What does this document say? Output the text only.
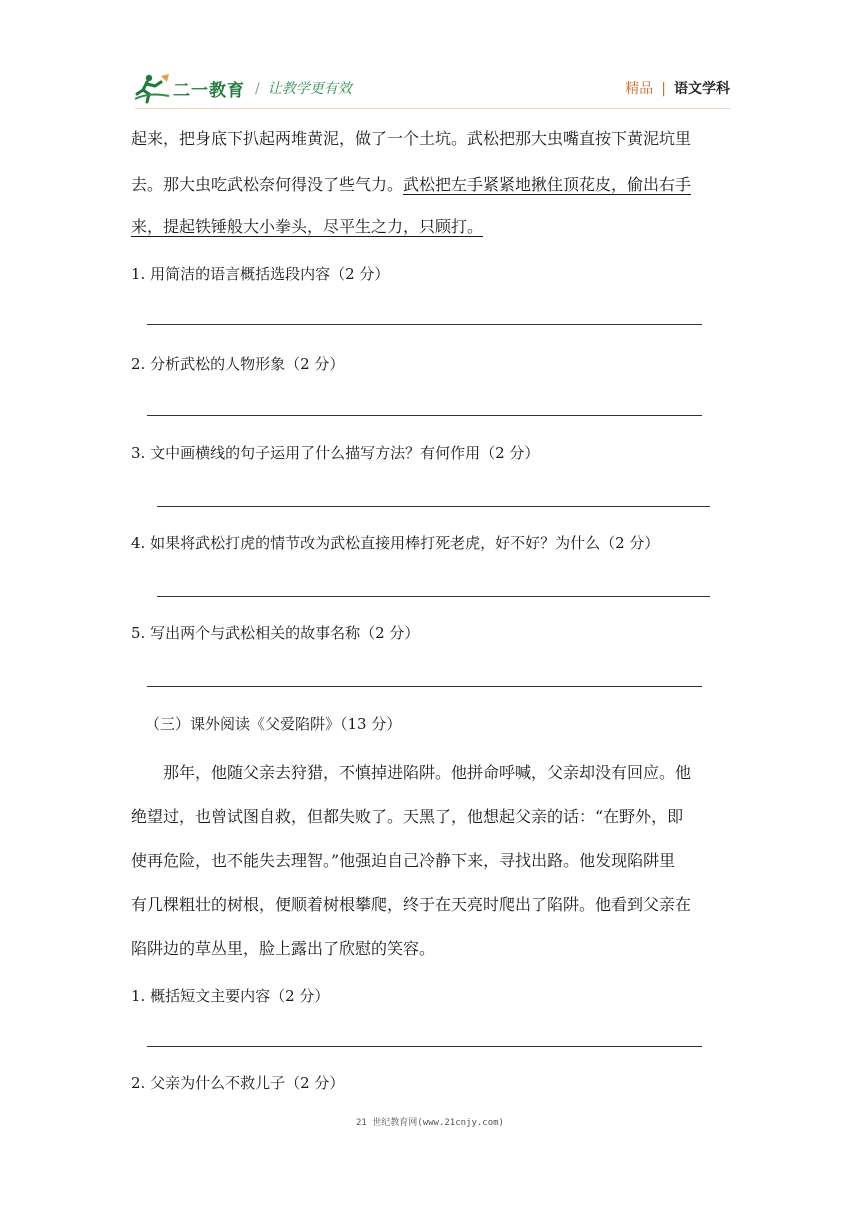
二一教育 / 让教学更有效	精品 | 语文学科
起来，把身底下扒起两堆黄泥，做了一个土坑。武松把那大虫嘴直按下黄泥坑里
去。那大虫吃武松奈何得没了些气力。武松把左手紧紧地揪住顶花皮，偷出右手
来，提起铁锤般大小拳头，尽平生之力，只顾打。
1. 用简洁的语言概括选段内容（2 分）
2. 分析武松的人物形象（2 分）
3. 文中画横线的句子运用了什么描写方法？有何作用（2 分）
4. 如果将武松打虎的情节改为武松直接用棒打死老虎，好不好？为什么（2 分）
5. 写出两个与武松相关的故事名称（2 分）
（三）课外阅读《父爱陷阱》（13 分）
那年，他随父亲去狩猎，不慎掉进陷阱。他拼命呼喊，父亲却没有回应。他
绝望过，也曾试图自救，但都失败了。天黑了，他想起父亲的话：“在野外，即
使再危险，也不能失去理智。”他强迫自己冷静下来，寻找出路。他发现陷阱里
有几棵粗壮的树根，便顺着树根攀爬，终于在天亮时爬出了陷阱。他看到父亲在
陷阱边的草丛里，脸上露出了欣慰的笑容。
1. 概括短文主要内容（2 分）
2. 父亲为什么不救儿子（2 分）
21 世纪教育网(www.21cnjy.com)
